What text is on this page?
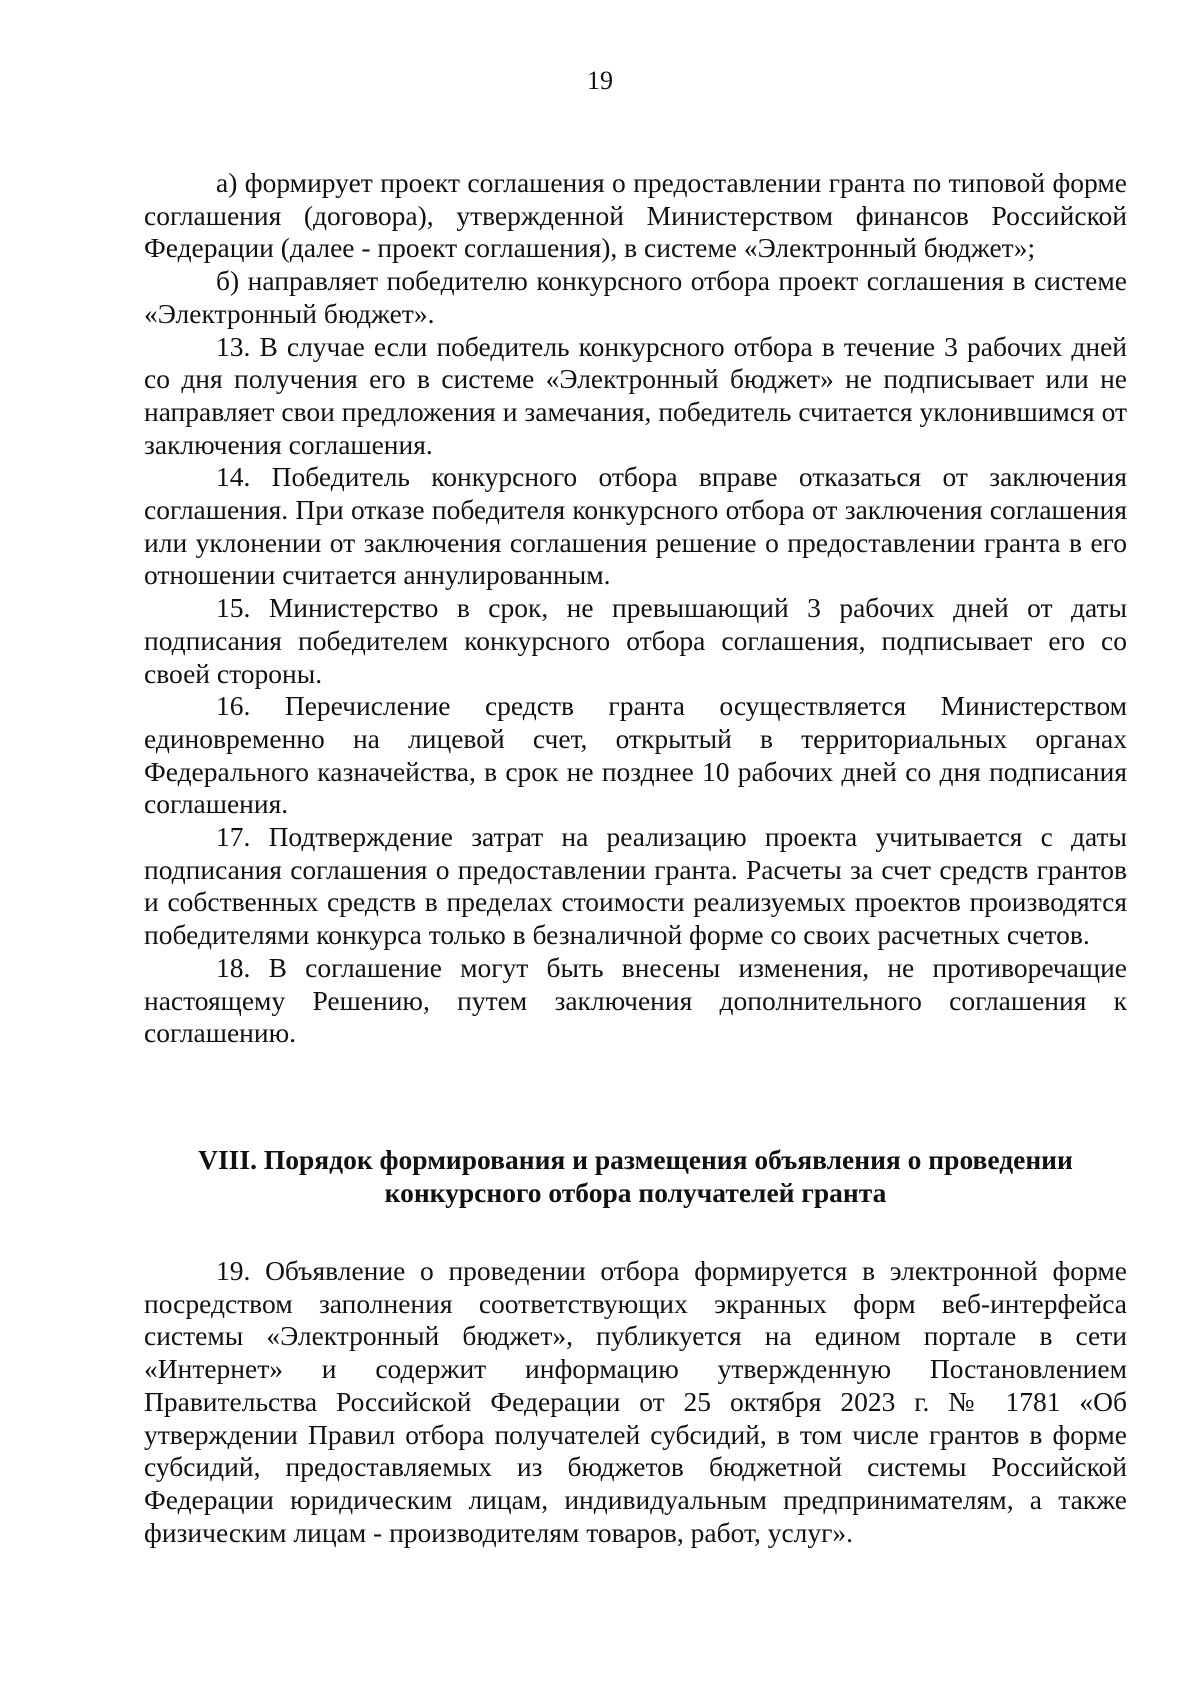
19

а) формирует проект соглашения о предоставлении гранта по типовой форме соглашения (договора), утвержденной Министерством финансов Российской Федерации (далее - проект соглашения), в системе «Электронный бюджет»;

б) направляет победителю конкурсного отбора проект соглашения в системе «Электронный бюджет».

13. В случае если победитель конкурсного отбора в течение 3 рабочих дней со дня получения его в системе «Электронный бюджет» не подписывает или не направляет свои предложения и замечания, победитель считается уклонившимся от заключения соглашения.

14. Победитель конкурсного отбора вправе отказаться от заключения соглашения. При отказе победителя конкурсного отбора от заключения соглашения или уклонении от заключения соглашения решение о предоставлении гранта в его отношении считается аннулированным.

15. Министерство в срок, не превышающий 3 рабочих дней от даты подписания победителем конкурсного отбора соглашения, подписывает его со своей стороны.

16. Перечисление средств гранта осуществляется Министерством единовременно на лицевой счет, открытый в территориальных органах Федерального казначейства, в срок не позднее 10 рабочих дней со дня подписания соглашения.

17. Подтверждение затрат на реализацию проекта учитывается с даты подписания соглашения о предоставлении гранта. Расчеты за счет средств грантов и собственных средств в пределах стоимости реализуемых проектов производятся победителями конкурса только в безналичной форме со своих расчетных счетов.

18. В соглашение могут быть внесены изменения, не противоречащие настоящему Решению, путем заключения дополнительного соглашения к соглашению.

VIII. Порядок формирования и размещения объявления о проведении
конкурсного отбора получателей гранта

19. Объявление о проведении отбора формируется в электронной форме посредством заполнения соответствующих экранных форм веб-интерфейса системы «Электронный бюджет», публикуется на едином портале в сети «Интернет» и содержит информацию утвержденную Постановлением Правительства Российской Федерации от 25 октября 2023 г. № 1781 «Об утверждении Правил отбора получателей субсидий, в том числе грантов в форме субсидий, предоставляемых из бюджетов бюджетной системы Российской Федерации юридическим лицам, индивидуальным предпринимателям, а также физическим лицам - производителям товаров, работ, услуг».
